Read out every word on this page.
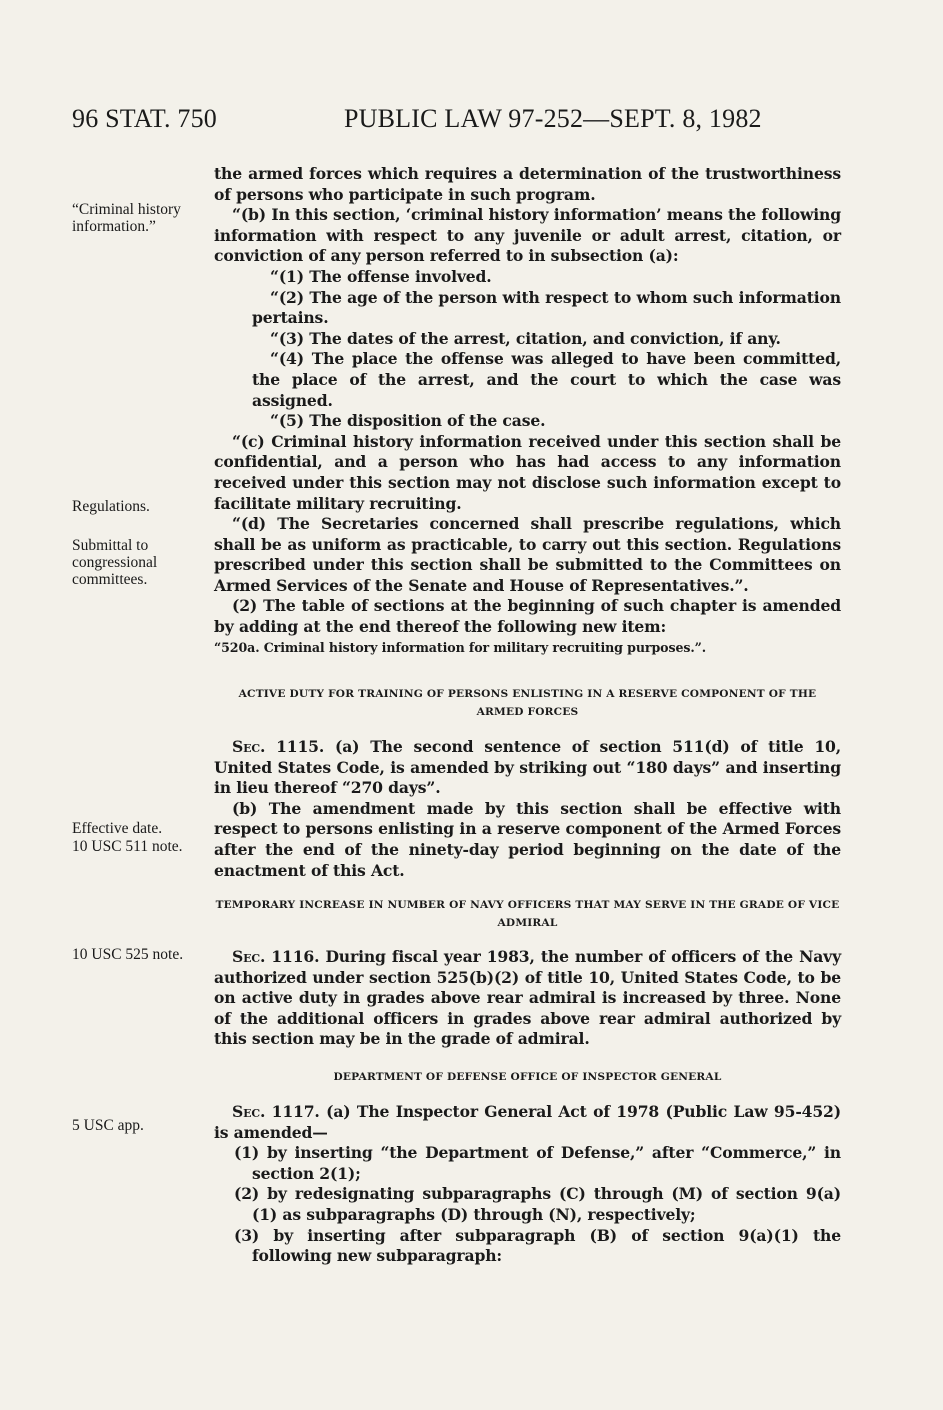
96 STAT. 750	PUBLIC LAW 97-252—SEPT. 8, 1982
“Criminal history information.”
Regulations.
Submittal to congressional committees.
Effective date.
10 USC 511 note.
10 USC 525 note.
5 USC app.

the armed forces which requires a determination of the trustworthiness of persons who participate in such program.

“(b) In this section, ‘criminal history information’ means the following information with respect to any juvenile or adult arrest, citation, or conviction of any person referred to in subsection (a):

“(1) The offense involved.

“(2) The age of the person with respect to whom such information pertains.

“(3) The dates of the arrest, citation, and conviction, if any.

“(4) The place the offense was alleged to have been committed, the place of the arrest, and the court to which the case was assigned.

“(5) The disposition of the case.

“(c) Criminal history information received under this section shall be confidential, and a person who has had access to any information received under this section may not disclose such information except to facilitate military recruiting.

“(d) The Secretaries concerned shall prescribe regulations, which shall be as uniform as practicable, to carry out this section. Regulations prescribed under this section shall be submitted to the Committees on Armed Services of the Senate and House of Representatives.”.

(2) The table of sections at the beginning of such chapter is amended by adding at the end thereof the following new item:

“520a. Criminal history information for military recruiting purposes.”.

ACTIVE DUTY FOR TRAINING OF PERSONS ENLISTING IN A RESERVE COMPONENT OF THE ARMED FORCES

Sec. 1115. (a) The second sentence of section 511(d) of title 10, United States Code, is amended by striking out “180 days” and inserting in lieu thereof “270 days”.

(b) The amendment made by this section shall be effective with respect to persons enlisting in a reserve component of the Armed Forces after the end of the ninety-day period beginning on the date of the enactment of this Act.

TEMPORARY INCREASE IN NUMBER OF NAVY OFFICERS THAT MAY SERVE IN THE GRADE OF VICE ADMIRAL

Sec. 1116. During fiscal year 1983, the number of officers of the Navy authorized under section 525(b)(2) of title 10, United States Code, to be on active duty in grades above rear admiral is increased by three. None of the additional officers in grades above rear admiral authorized by this section may be in the grade of admiral.

DEPARTMENT OF DEFENSE OFFICE OF INSPECTOR GENERAL

Sec. 1117. (a) The Inspector General Act of 1978 (Public Law 95-452) is amended—

(1) by inserting “the Department of Defense,” after “Commerce,” in section 2(1);

(2) by redesignating subparagraphs (C) through (M) of section 9(a)(1) as subparagraphs (D) through (N), respectively;

(3) by inserting after subparagraph (B) of section 9(a)(1) the following new subparagraph:
